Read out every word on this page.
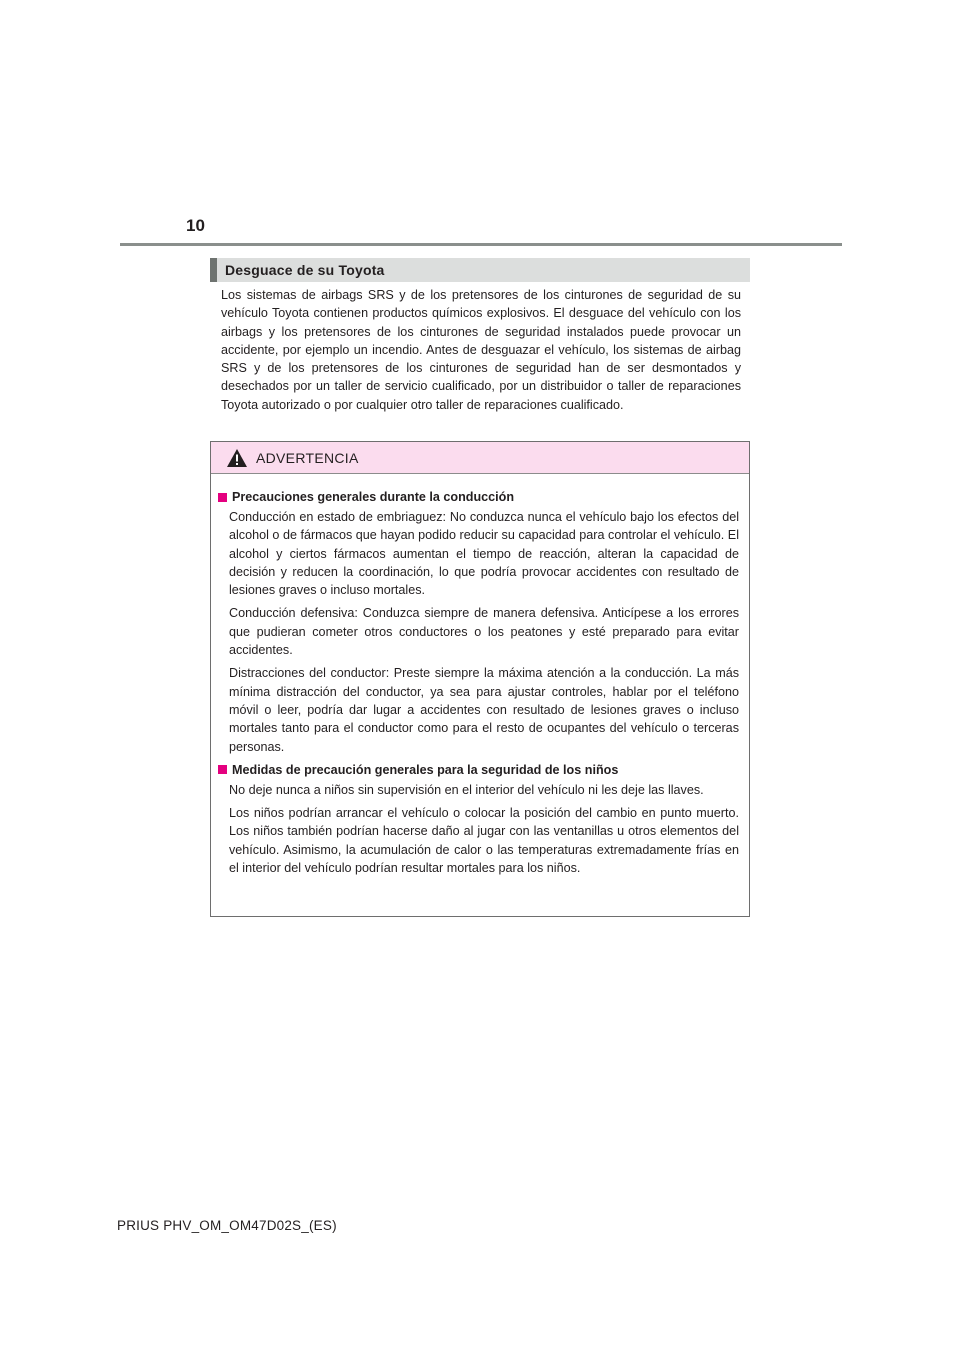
10
Desguace de su Toyota

Los sistemas de airbags SRS y de los pretensores de los cinturones de seguridad de su vehículo Toyota contienen productos químicos explosivos. El desguace del vehículo con los airbags y los pretensores de los cinturones de seguridad instalados puede provocar un accidente, por ejemplo un incendio. Antes de desguazar el vehículo, los sistemas de airbag SRS y de los pretensores de los cinturones de seguridad han de ser desmontados y desechados por un taller de servicio cualificado, por un distribuidor o taller de reparaciones Toyota autorizado o por cualquier otro taller de reparaciones cualificado.

ADVERTENCIA
Precauciones generales durante la conducción

Conducción en estado de embriaguez: No conduzca nunca el vehículo bajo los efectos del alcohol o de fármacos que hayan podido reducir su capacidad para controlar el vehículo. El alcohol y ciertos fármacos aumentan el tiempo de reacción, alteran la capacidad de decisión y reducen la coordinación, lo que podría provocar accidentes con resultado de lesiones graves o incluso mortales.

Conducción defensiva: Conduzca siempre de manera defensiva. Anticípese a los errores que pudieran cometer otros conductores o los peatones y esté preparado para evitar accidentes.

Distracciones del conductor: Preste siempre la máxima atención a la conducción. La más mínima distracción del conductor, ya sea para ajustar controles, hablar por el teléfono móvil o leer, podría dar lugar a accidentes con resultado de lesiones graves o incluso mortales tanto para el conductor como para el resto de ocupantes del vehículo o terceras personas.

Medidas de precaución generales para la seguridad de los niños

No deje nunca a niños sin supervisión en el interior del vehículo ni les deje las llaves.

Los niños podrían arrancar el vehículo o colocar la posición del cambio en punto muerto. Los niños también podrían hacerse daño al jugar con las ventanillas u otros elementos del vehículo. Asimismo, la acumulación de calor o las temperaturas extremadamente frías en el interior del vehículo podrían resultar mortales para los niños.

PRIUS PHV_OM_OM47D02S_(ES)
